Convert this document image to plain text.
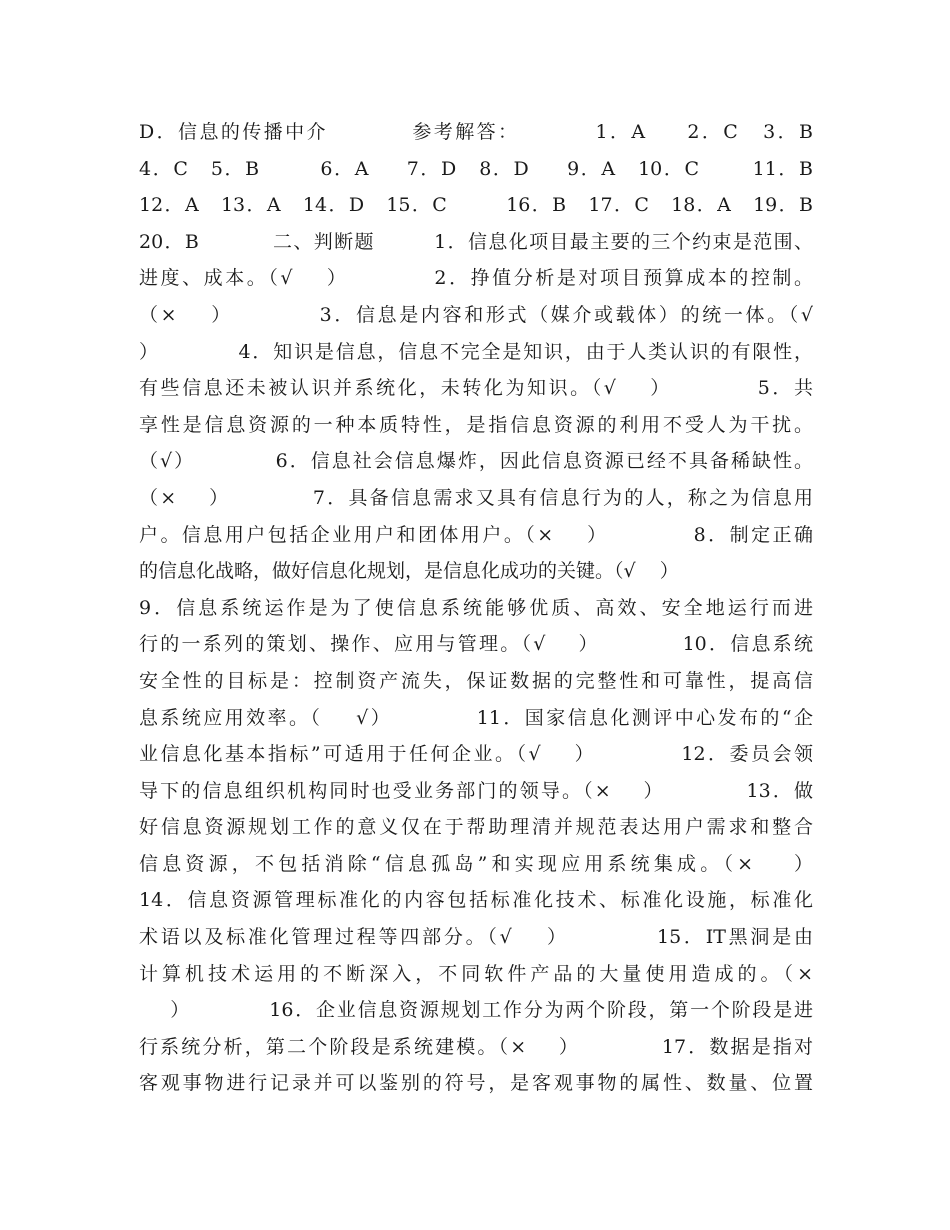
D．信息的传播中介          参考解答：         1．A     2．C   3．B
4．C   5．B        6．A     7．D   8．D     9．A   10．C       11．B
12．A   13．A   14．D   15．C        16．B   17．C   18．A   19．B
20．B          二、判断题        1．信息化项目最主要的三个约束是范围、
进度、成本。（√    ）          2．挣值分析是对项目预算成本的控制。
（×    ）          3．信息是内容和形式（媒介或载体）的统一体。（√
）          4．知识是信息，信息不完全是知识，由于人类认识的有限性，
有些信息还未被认识并系统化，未转化为知识。（√    ）          5．共
享性是信息资源的一种本质特性，是指信息资源的利用不受人为干扰。
（√）          6．信息社会信息爆炸，因此信息资源已经不具备稀缺性。
（×    ）          7．具备信息需求又具有信息行为的人，称之为信息用
户。信息用户包括企业用户和团体用户。（×    ）          8．制定正确
的信息化战略，做好信息化规划，是信息化成功的关键。（√    ）
9．信息系统运作是为了使信息系统能够优质、高效、安全地运行而进
行的一系列的策划、操作、应用与管理。（√    ）          10．信息系统
安全性的目标是：控制资产流失，保证数据的完整性和可靠性，提高信
息系统应用效率。（    √）          11．国家信息化测评中心发布的“企
业信息化基本指标”可适用于任何企业。（√    ）          12．委员会领
导下的信息组织机构同时也受业务部门的领导。（×    ）          13．做
好信息资源规划工作的意义仅在于帮助理清并规范表达用户需求和整合
信息资源，不包括消除“信息孤岛”和实现应用系统集成。（×    ）
14．信息资源管理标准化的内容包括标准化技术、标准化设施，标准化
术语以及标准化管理过程等四部分。（√    ）          15．IT黑洞是由
计算机技术运用的不断深入，不同软件产品的大量使用造成的。（×
）          16．企业信息资源规划工作分为两个阶段，第一个阶段是进
行系统分析，第二个阶段是系统建模。（×    ）          17．数据是指对
客观事物进行记录并可以鉴别的符号，是客观事物的属性、数量、位置
